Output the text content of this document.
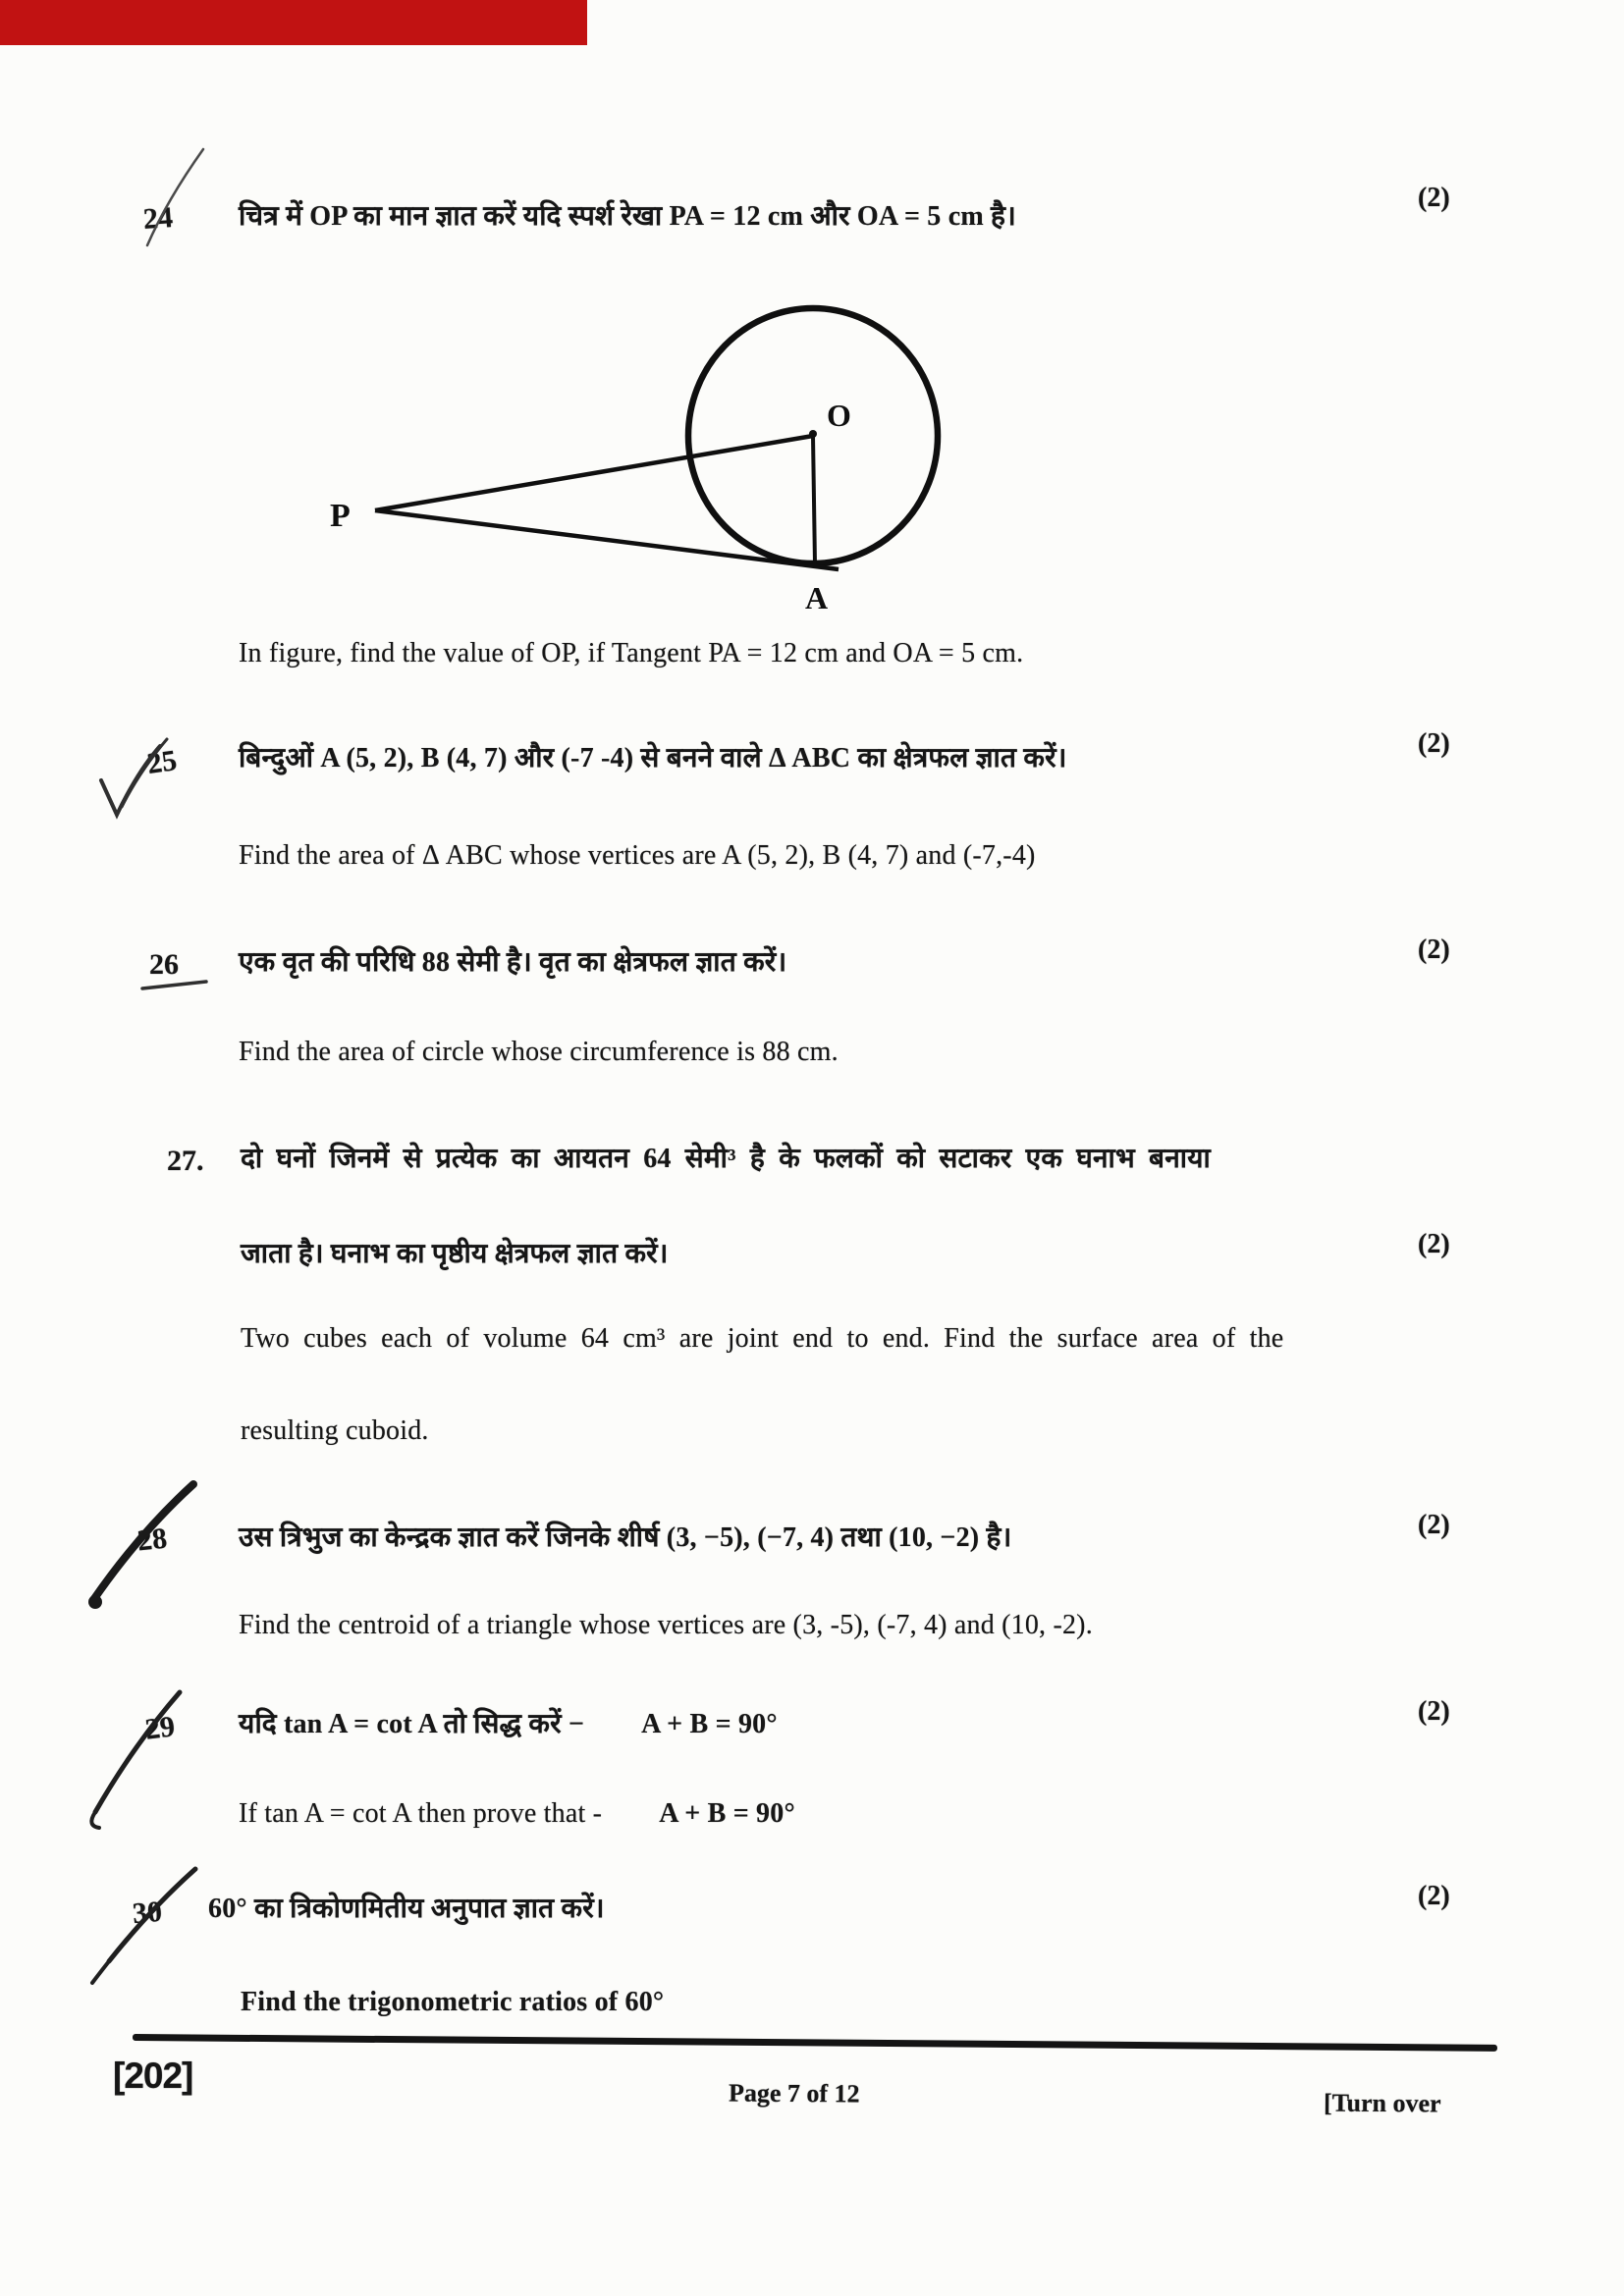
24 चित्र में OP का मान ज्ञात करें यदि स्पर्श रेखा PA = 12 cm और OA = 5 cm है।
(2)
O
P
A
In figure, find the value of OP, if Tangent PA = 12 cm and OA = 5 cm.
25 बिन्दुओं A (5, 2), B (4, 7) और (-7 -4) से बनने वाले Δ ABC का क्षेत्रफल ज्ञात करें।	(2)
Find the area of Δ ABC whose vertices are A (5, 2), B (4, 7) and (-7,-4)
26 एक वृत की परिधि 88 सेमी है। वृत का क्षेत्रफल ज्ञात करें।	(2)
Find the area of circle whose circumference is 88 cm.
27. दो घनों जिनमें से प्रत्येक का आयतन 64 सेमी³ है के फलकों को सटाकर एक घनाभ बनाया
जाता है। घनाभ का पृष्ठीय क्षेत्रफल ज्ञात करें।	(2)
Two cubes each of volume 64 cm³ are joint end to end. Find the surface area of the
resulting cuboid.
28	उस त्रिभुज का केन्द्रक ज्ञात करें जिनके शीर्ष (3, −5), (−7, 4) तथा (10, −2) है।	(2)
Find the centroid of a triangle whose vertices are (3, -5), (-7, 4) and (10, -2).
29 यदि tan A = cot A तो सिद्ध करें − A + B = 90°	(2)
If tan A = cot A then prove that - A + B = 90°
30 60° का त्रिकोणमितीय अनुपात ज्ञात करें।	(2)
Find the trigonometric ratios of 60°
[202]	Page 7 of 12	[Turn over
